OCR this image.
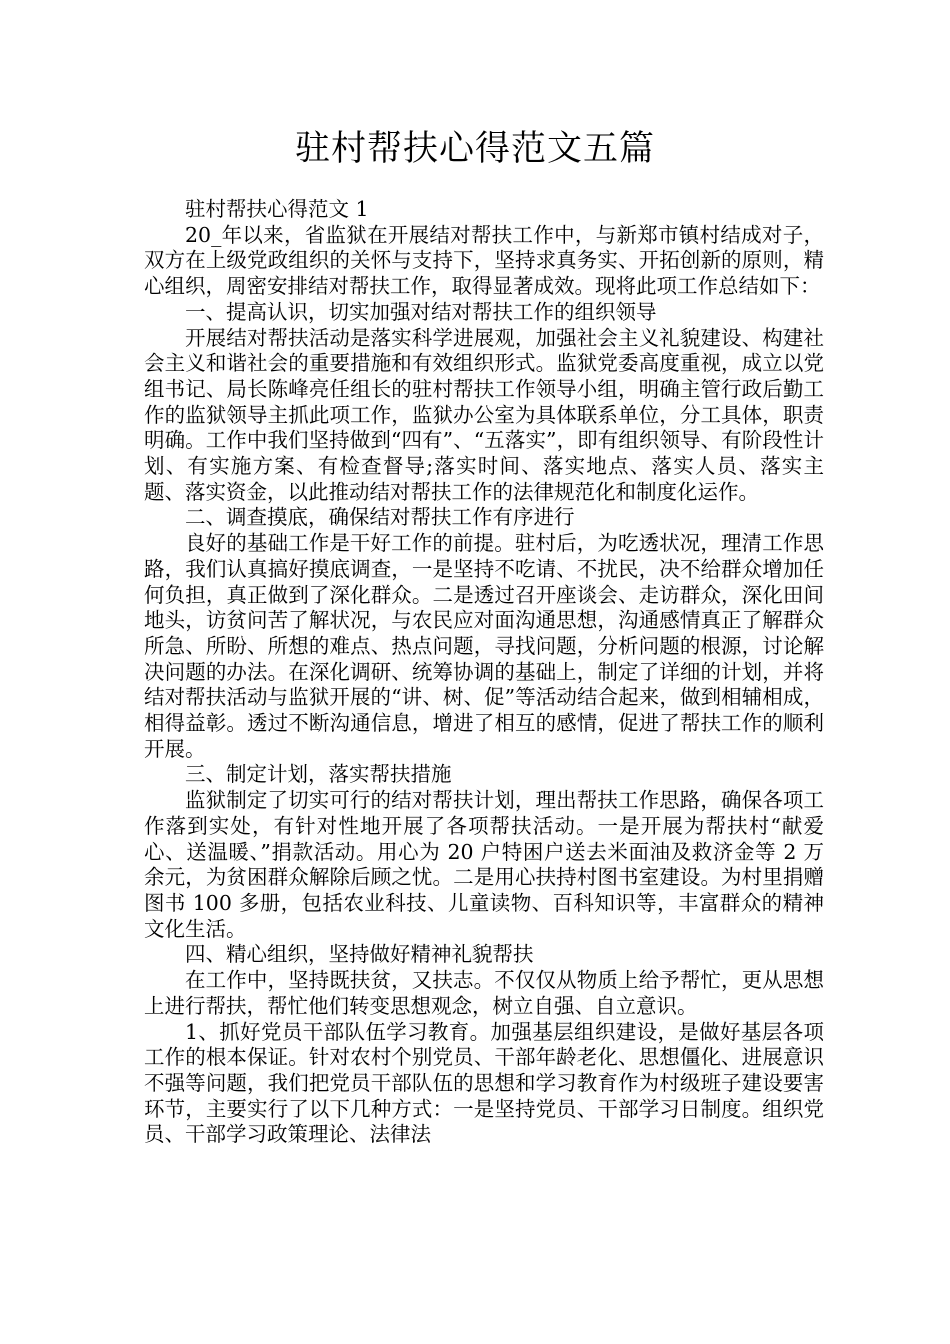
驻村帮扶心得范文五篇

驻村帮扶心得范文 1

20_年以来，省监狱在开展结对帮扶工作中，与新郑市镇村结成对子，双方在上级党政组织的关怀与支持下，坚持求真务实、开拓创新的原则，精心组织，周密安排结对帮扶工作，取得显著成效。现将此项工作总结如下：

一、提高认识，切实加强对结对帮扶工作的组织领导

开展结对帮扶活动是落实科学进展观，加强社会主义礼貌建设、构建社会主义和谐社会的重要措施和有效组织形式。监狱党委高度重视，成立以党组书记、局长陈峰亮任组长的驻村帮扶工作领导小组，明确主管行政后勤工作的监狱领导主抓此项工作，监狱办公室为具体联系单位，分工具体，职责明确。工作中我们坚持做到“四有”、“五落实”，即有组织领导、有阶段性计划、有实施方案、有检查督导;落实时间、落实地点、落实人员、落实主题、落实资金，以此推动结对帮扶工作的法律规范化和制度化运作。

二、调查摸底，确保结对帮扶工作有序进行

良好的基础工作是干好工作的前提。驻村后，为吃透状况，理清工作思路，我们认真搞好摸底调查，一是坚持不吃请、不扰民，决不给群众增加任何负担，真正做到了深化群众。二是透过召开座谈会、走访群众，深化田间地头，访贫问苦了解状况，与农民应对面沟通思想，沟通感情真正了解群众所急、所盼、所想的难点、热点问题，寻找问题，分析问题的根源，讨论解决问题的办法。在深化调研、统筹协调的基础上，制定了详细的计划，并将结对帮扶活动与监狱开展的“讲、树、促”等活动结合起来，做到相辅相成，相得益彰。透过不断沟通信息，增进了相互的感情，促进了帮扶工作的顺利开展。

三、制定计划，落实帮扶措施

监狱制定了切实可行的结对帮扶计划，理出帮扶工作思路，确保各项工作落到实处，有针对性地开展了各项帮扶活动。一是开展为帮扶村“献爱心、送温暖、”捐款活动。用心为 20 户特困户送去米面油及救济金等 2 万余元，为贫困群众解除后顾之忧。二是用心扶持村图书室建设。为村里捐赠图书 100 多册，包括农业科技、儿童读物、百科知识等，丰富群众的精神文化生活。

四、精心组织，坚持做好精神礼貌帮扶

在工作中，坚持既扶贫，又扶志。不仅仅从物质上给予帮忙，更从思想上进行帮扶，帮忙他们转变思想观念，树立自强、自立意识。

1、抓好党员干部队伍学习教育。加强基层组织建设，是做好基层各项工作的根本保证。针对农村个别党员、干部年龄老化、思想僵化、进展意识不强等问题，我们把党员干部队伍的思想和学习教育作为村级班子建设要害环节，主要实行了以下几种方式：一是坚持党员、干部学习日制度。组织党员、干部学习政策理论、法律法
